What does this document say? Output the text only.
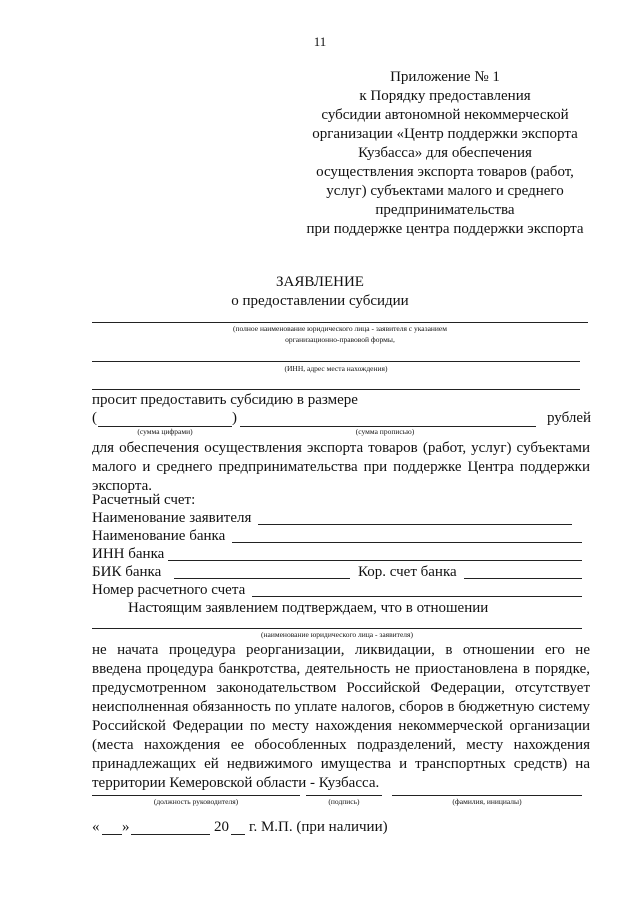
11
Приложение № 1
к Порядку предоставления
субсидии автономной некоммерческой
организации «Центр поддержки экспорта
Кузбасса» для обеспечения
осуществления экспорта товаров (работ,
услуг) субъектами малого и среднего
предпринимательства
при поддержке центра поддержки экспорта
ЗАЯВЛЕНИЕ
о предоставлении субсидии
(полное наименование юридического лица - заявителя с указанием
организационно-правовой формы,
(ИНН, адрес места нахождения)
просит предоставить субсидию в размере
(	)	рублей
(сумма цифрами)	(сумма прописью)
для обеспечения осуществления экспорта товаров (работ, услуг) субъектами
малого и среднего предпринимательства при поддержке Центра поддержки
экспорта.
Расчетный счет:
Наименование заявителя
Наименование банка
ИНН банка
БИК банка	Кор. счет банка
Номер расчетного счета
Настоящим заявлением подтверждаем, что в отношении
(наименование юридического лица - заявителя)
не начата процедура реорганизации, ликвидации, в отношении его не
введена процедура банкротства, деятельность не приостановлена в порядке,
предусмотренном законодательством Российской Федерации, отсутствует
неисполненная обязанность по уплате налогов, сборов в бюджетную систему
Российской Федерации по месту нахождения некоммерческой организации
(места нахождения ее обособленных подразделений, месту нахождения
принадлежащих ей недвижимого имущества и транспортных средств) на
территории Кемеровской области - Кузбасса.
(должность руководителя)	(подпись)	(фамилия, инициалы)
« »	20 г. М.П. (при наличии)
